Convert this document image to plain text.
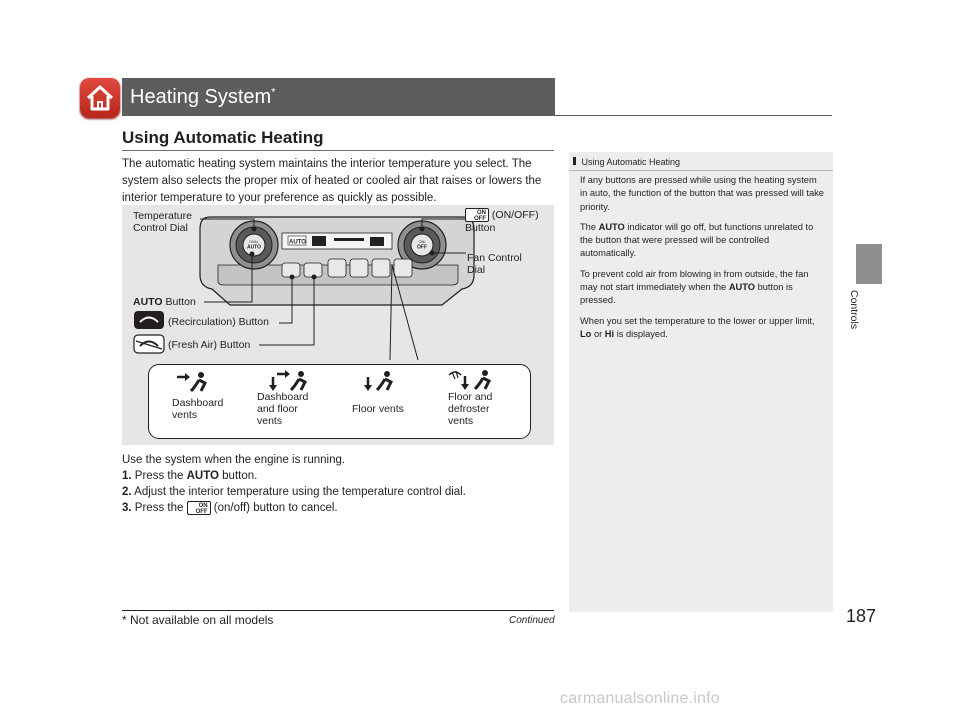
Heating System*
Using Automatic Heating
The automatic heating system maintains the interior temperature you select. The
system also selects the proper mix of heated or cooled air that raises or lowers the
interior temperature to your preference as quickly as possible.
AUTO
DUAL
AUTO
ON/
OFF
Temperature
Control Dial
ON
OFF (ON/OFF)
Button
Fan Control
Dial
AUTO Button
(Recirculation) Button
(Fresh Air) Button
Dashboard
vents
Dashboard
and floor
vents
Floor vents
Floor and
defroster
vents
Use the system when the engine is running.
1. Press the AUTO button.
2. Adjust the interior temperature using the temperature control dial.
3. Press the ON
OFF (on/off) button to cancel.
Using Automatic Heating

If any buttons are pressed while using the heating system in auto, the function of the button that was pressed will take priority.

The AUTO indicator will go off, but functions unrelated to the button that were pressed will be controlled automatically.

To prevent cold air from blowing in from outside, the fan may not start immediately when the AUTO button is pressed.

When you set the temperature to the lower or upper limit, Lo or Hi is displayed.

Controls
* Not available on all models	Continued	187
carmanualsonline.info
